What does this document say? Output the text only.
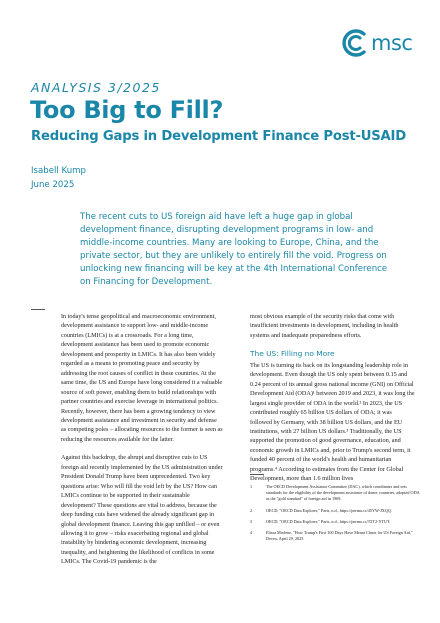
msc
ANALYSIS 3/2025
Too Big to Fill?
Reducing Gaps in Development Finance Post-USAID
Isabell Kump
June 2025

The recent cuts to US foreign aid have left a huge gap in global development finance, disrupting development programs in low- and middle-income countries. Many are looking to Europe, China, and the private sector, but they are unlikely to entirely fill the void. Progress on unlocking new financing will be key at the 4th International Conference on Financing for Development.

In today's tense geopolitical and macroeconomic environment, development assistance to support low- and middle-income countries (LMICs) is at a crossroads. For a long time, development assistance has been used to promote economic development and prosperity in LMICs. It has also been widely regarded as a means to promoting peace and security by addressing the root causes of conflict in these countries. At the same time, the US and Europe have long considered it a valuable source of soft power, enabling them to build relationships with partner countries and exercise leverage in international politics. Recently, however, there has been a growing tendency to view development assistance and investment in security and defense as competing poles – allocating resources to the former is seen as reducing the resources available for the latter.

Against this backdrop, the abrupt and disruptive cuts to US foreign aid recently implemented by the US administration under President Donald Trump have been unprecedented. Two key questions arise: Who will fill the void left by the US? How can LMICs continue to be supported in their sustainable development? These questions are vital to address, because the deep funding cuts have widened the already significant gap in global development finance. Leaving this gap unfilled – or even allowing it to grow – risks exacerbating regional and global instability by hindering economic development, increasing inequality, and heightening the likelihood of conflicts in some LMICs. The Covid-19 pandemic is the

most obvious example of the security risks that come with insufficient investments in development, including in health systems and inadequate preparedness efforts.

The US: Filling no More

The US is turning its back on its longstanding leadership role in development. Even though the US only spent between 0.15 and 0.24 percent of its annual gross national income (GNI) on Official Development Aid (ODA)¹ between 2019 and 2023, it was long the largest single provider of ODA in the world.² In 2023, the US contributed roughly 65 billion US dollars of ODA; it was followed by Germany, with 38 billion US dollars, and the EU institutions, with 27 billion US dollars.³ Traditionally, the US supported the promotion of good governance, education, and economic growth in LMICs and, prior to Trump's second term, it funded 40 percent of the world's health and humanitarian programs.⁴ According to estimates from the Center for Global Development, more than 1.6 million lives

1	The OECD Development Assistance Committee (DAC), which coordinates and sets standards for the eligibility of the development assistance of donor countries, adopted ODA as the "gold standard" of foreign aid in 1969.
2	OECD, "OECD Data Explorer," Paris, n.d., https://perma.cc/45YW-JXQQ.
3	OECD, "OECD Data Explorer," Paris, n.d., https://perma.cc/T2T2-YTUT.
4	Elissa Miolene, "How Trump's First 100 Days Have Meant Chaos for US Foreign Aid," Devex, April 29, 2025.
